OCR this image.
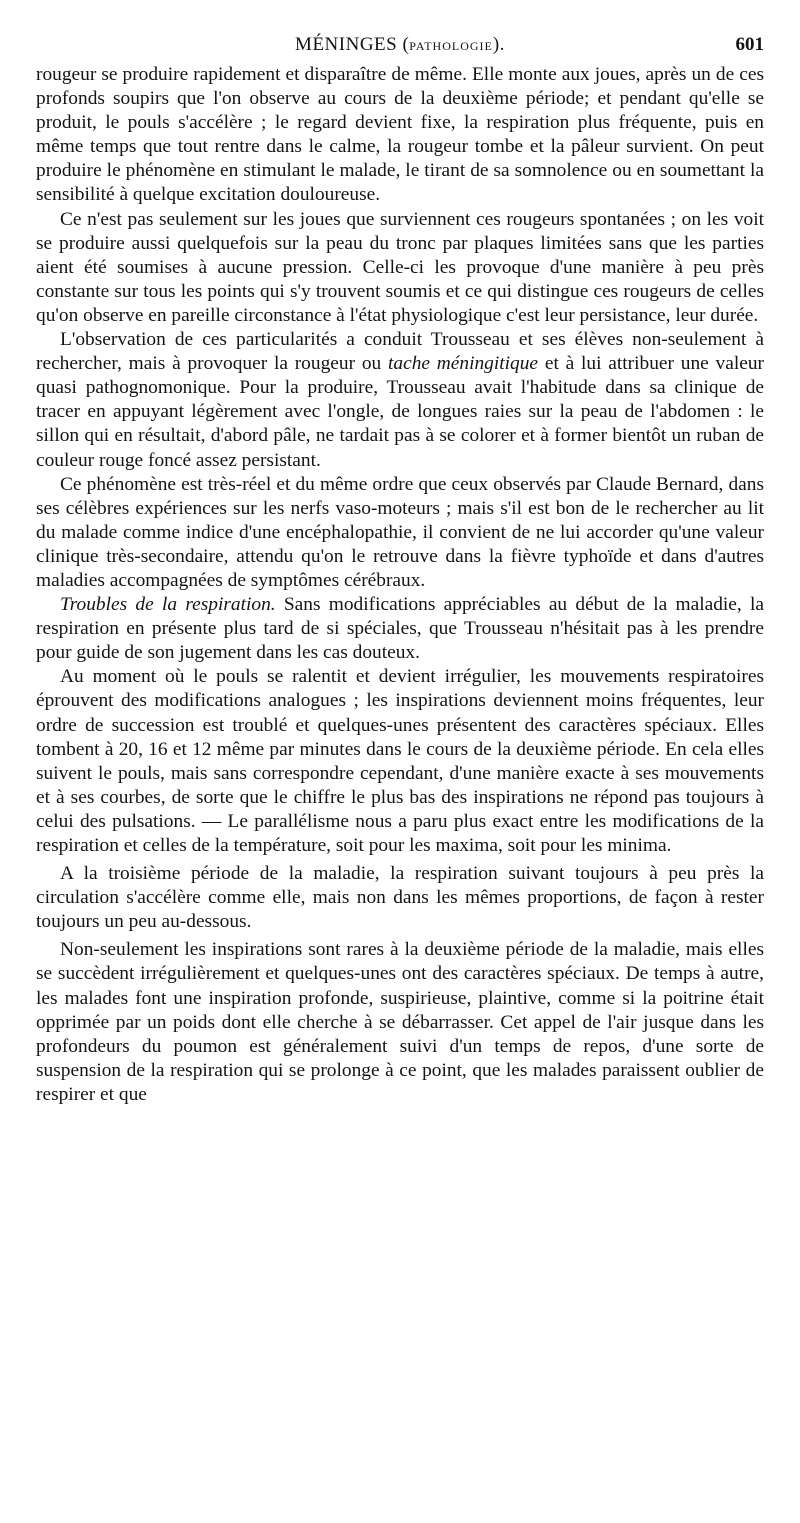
MÉNINGES (PATHOLOGIE).	601

rougeur se produire rapidement et disparaître de même. Elle monte aux joues, après un de ces profonds soupirs que l'on observe au cours de la deuxième période; et pendant qu'elle se produit, le pouls s'accélère ; le regard devient fixe, la respiration plus fréquente, puis en même temps que tout rentre dans le calme, la rougeur tombe et la pâleur survient. On peut produire le phénomène en stimulant le malade, le tirant de sa somnolence ou en soumettant la sensibilité à quelque excitation douloureuse.

Ce n'est pas seulement sur les joues que surviennent ces rougeurs spontanées ; on les voit se produire aussi quelquefois sur la peau du tronc par plaques limitées sans que les parties aient été soumises à aucune pression. Celle-ci les provoque d'une manière à peu près constante sur tous les points qui s'y trouvent soumis et ce qui distingue ces rougeurs de celles qu'on observe en pareille circonstance à l'état physiologique c'est leur persistance, leur durée.

L'observation de ces particularités a conduit Trousseau et ses élèves non-seulement à rechercher, mais à provoquer la rougeur ou tache méningitique et à lui attribuer une valeur quasi pathognomonique. Pour la produire, Trousseau avait l'habitude dans sa clinique de tracer en appuyant légèrement avec l'ongle, de longues raies sur la peau de l'abdomen : le sillon qui en résultait, d'abord pâle, ne tardait pas à se colorer et à former bientôt un ruban de couleur rouge foncé assez persistant.

Ce phénomène est très-réel et du même ordre que ceux observés par Claude Bernard, dans ses célèbres expériences sur les nerfs vaso-moteurs ; mais s'il est bon de le rechercher au lit du malade comme indice d'une encéphalopathie, il convient de ne lui accorder qu'une valeur clinique très-secondaire, attendu qu'on le retrouve dans la fièvre typhoïde et dans d'autres maladies accompagnées de symptômes cérébraux.

Troubles de la respiration. Sans modifications appréciables au début de la maladie, la respiration en présente plus tard de si spéciales, que Trousseau n'hésitait pas à les prendre pour guide de son jugement dans les cas douteux.

Au moment où le pouls se ralentit et devient irrégulier, les mouvements respiratoires éprouvent des modifications analogues ; les inspirations deviennent moins fréquentes, leur ordre de succession est troublé et quelques-unes présentent des caractères spéciaux. Elles tombent à 20, 16 et 12 même par minutes dans le cours de la deuxième période. En cela elles suivent le pouls, mais sans correspondre cependant, d'une manière exacte à ses mouvements et à ses courbes, de sorte que le chiffre le plus bas des inspirations ne répond pas toujours à celui des pulsations. — Le parallélisme nous a paru plus exact entre les modifications de la respiration et celles de la température, soit pour les maxima, soit pour les minima.

A la troisième période de la maladie, la respiration suivant toujours à peu près la circulation s'accélère comme elle, mais non dans les mêmes proportions, de façon à rester toujours un peu au-dessous.

Non-seulement les inspirations sont rares à la deuxième période de la maladie, mais elles se succèdent irrégulièrement et quelques-unes ont des caractères spéciaux. De temps à autre, les malades font une inspiration profonde, suspirieuse, plaintive, comme si la poitrine était opprimée par un poids dont elle cherche à se débarrasser. Cet appel de l'air jusque dans les profondeurs du poumon est généralement suivi d'un temps de repos, d'une sorte de suspension de la respiration qui se prolonge à ce point, que les malades paraissent oublier de respirer et que
